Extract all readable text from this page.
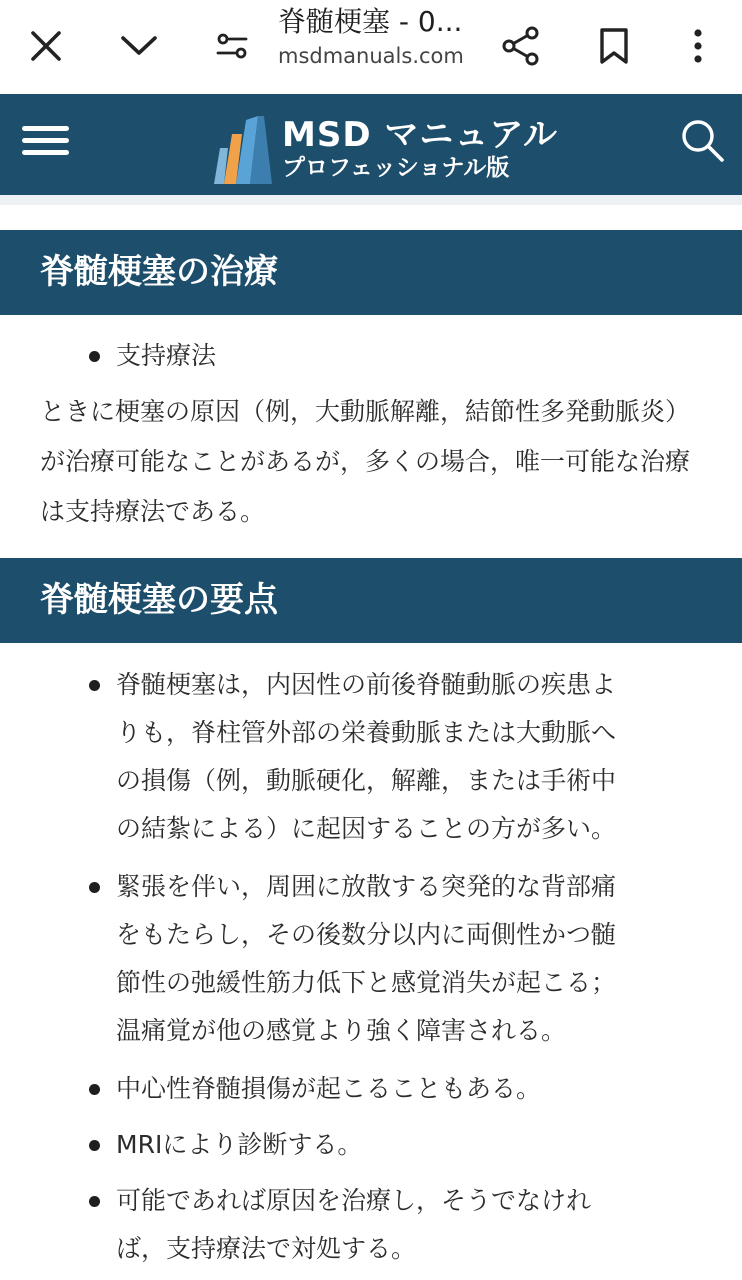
脊髄梗塞 - 0...
msdmanuals.com
MSD マニュアル
プロフェッショナル版
脊髄梗塞の治療
支持療法
ときに梗塞の原因（例，大動脈解離，結節性多発動脈炎）
が治療可能なことがあるが，多くの場合，唯一可能な治療
は支持療法である。
脊髄梗塞の要点
脊髄梗塞は，内因性の前後脊髄動脈の疾患よ
りも，脊柱管外部の栄養動脈または大動脈へ
の損傷（例，動脈硬化，解離，または手術中
の結紮による）に起因することの方が多い。
緊張を伴い，周囲に放散する突発的な背部痛
をもたらし，その後数分以内に両側性かつ髄
節性の弛緩性筋力低下と感覚消失が起こる；
温痛覚が他の感覚より強く障害される。
中心性脊髄損傷が起こることもある。
MRIにより診断する。
可能であれば原因を治療し，そうでなけれ
ば，支持療法で対処する。
